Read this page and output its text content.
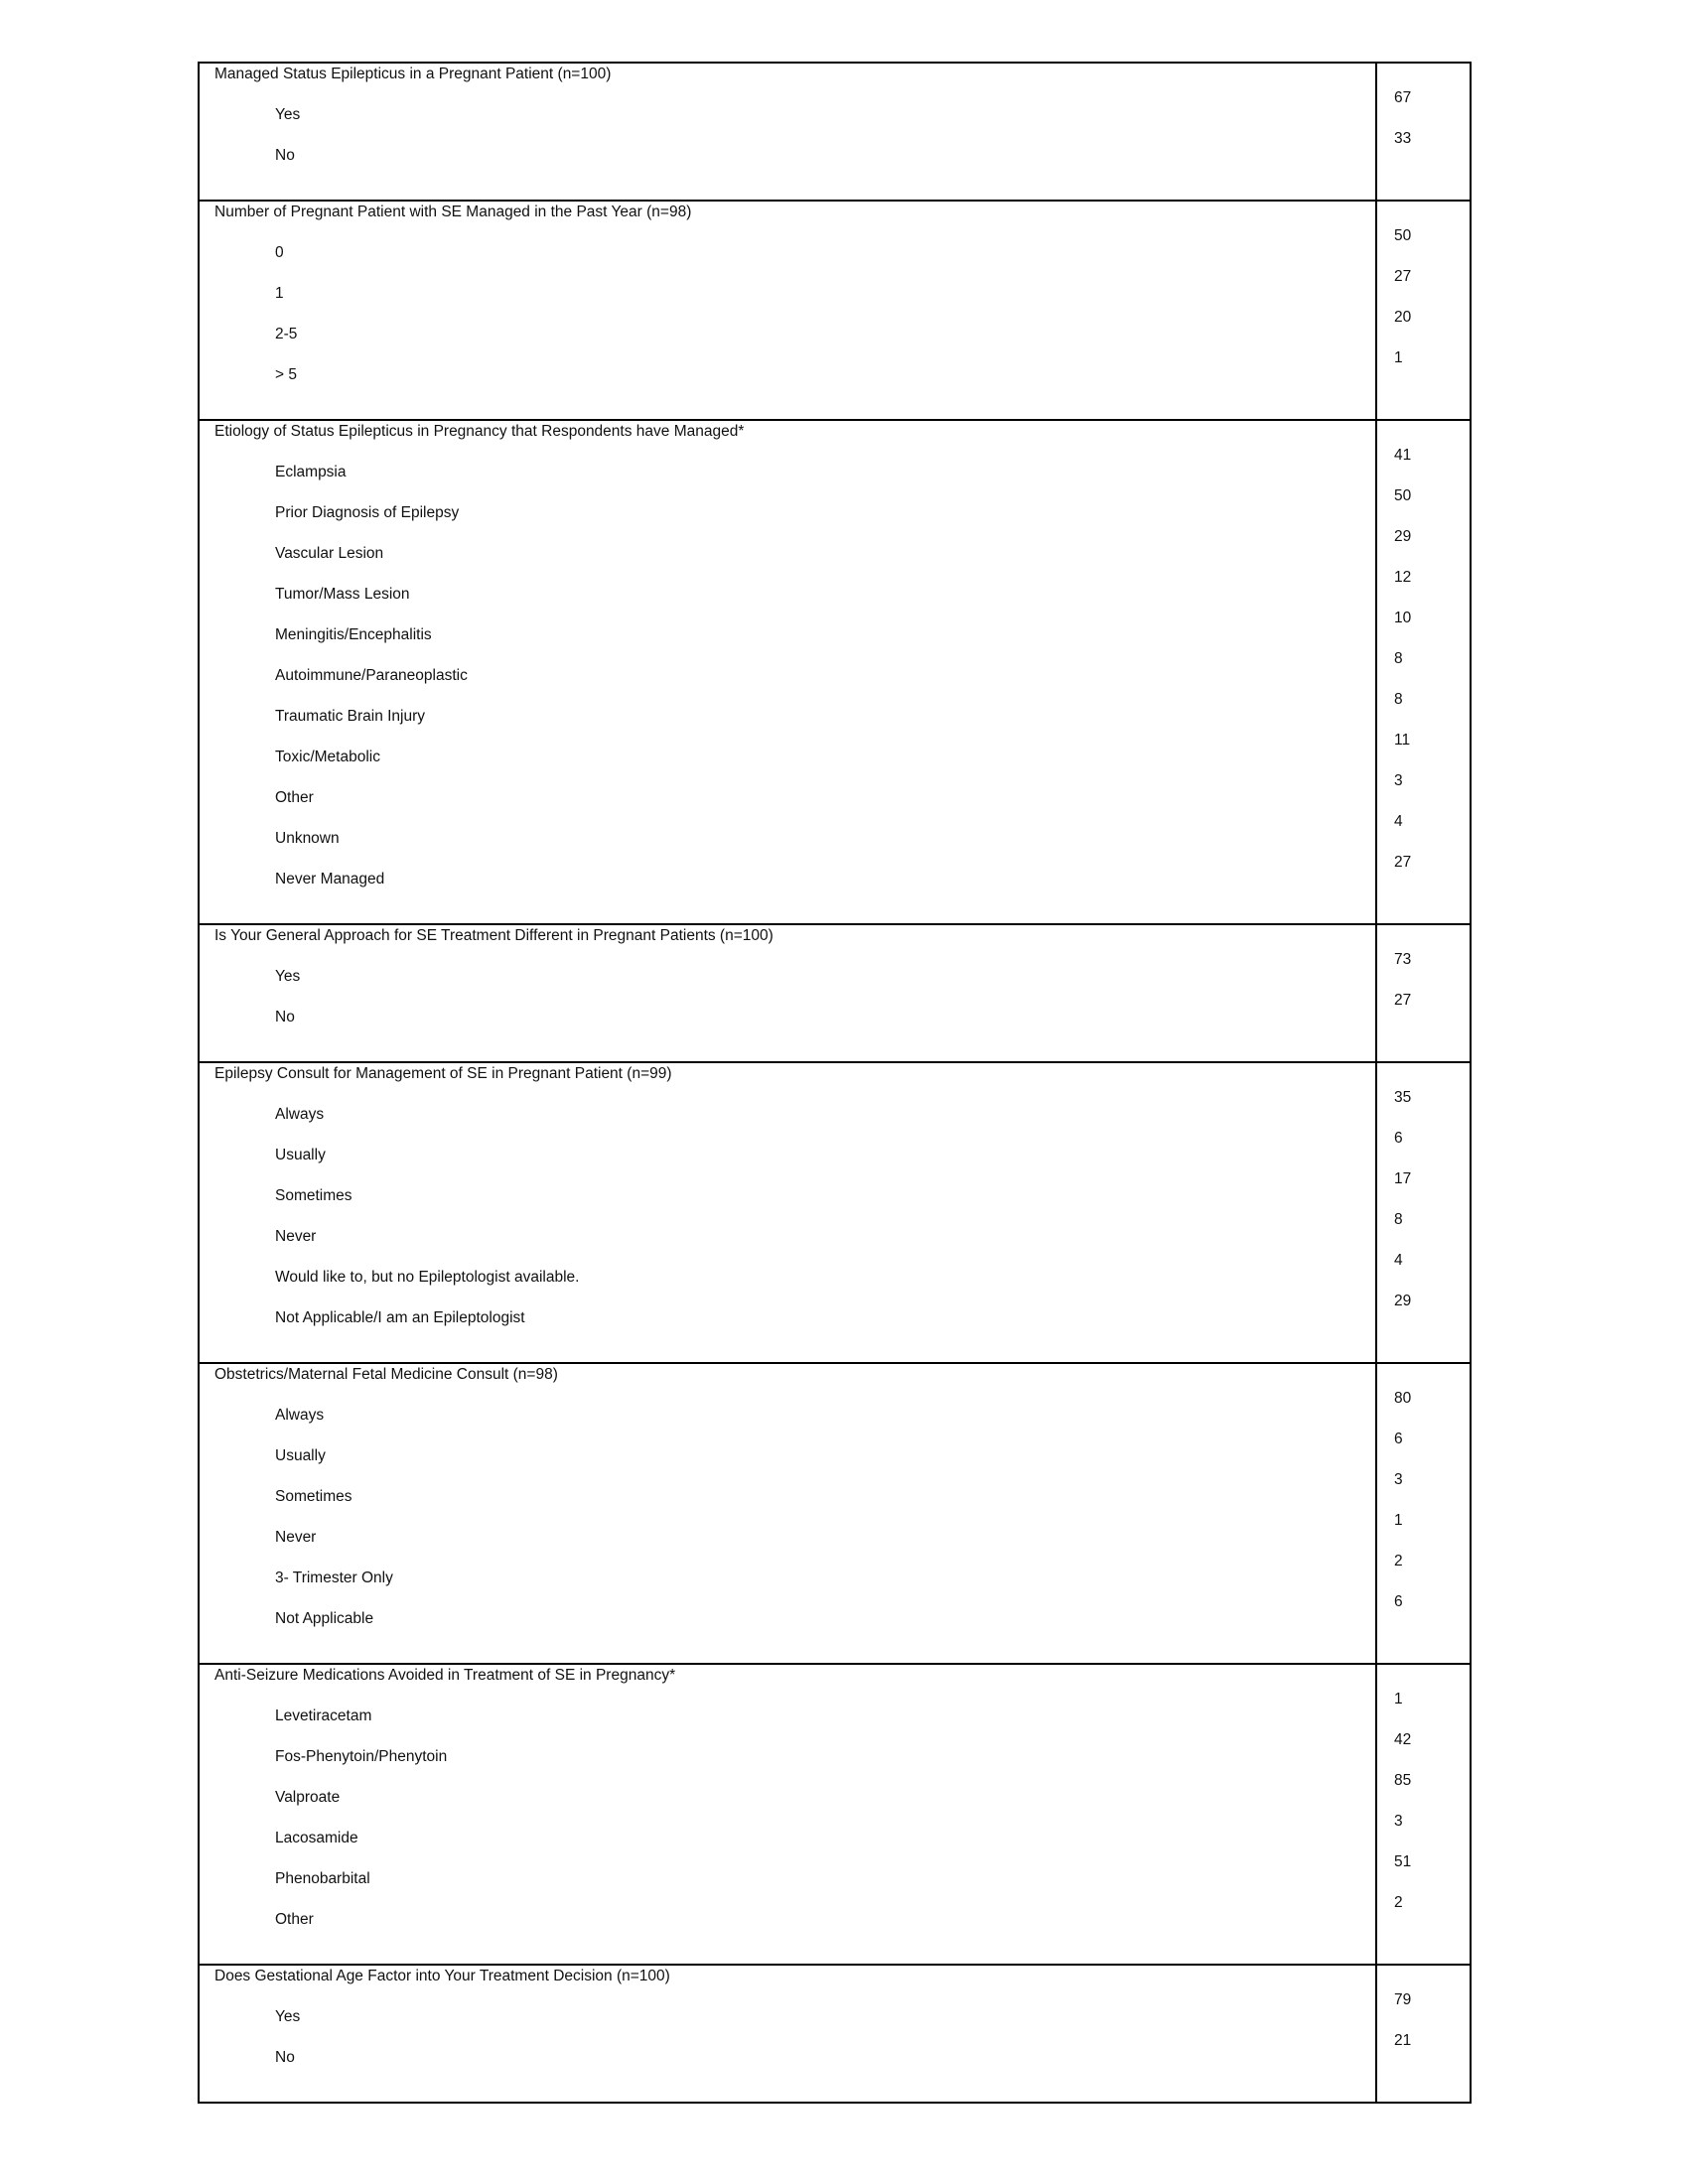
Managed Status Epilepticus in a Pregnant Patient (n=100)

Yes

No

67

33

Number of Pregnant Patient with SE Managed in the Past Year (n=98)

0

1

2-5

> 5

50

27

20

1

Etiology of Status Epilepticus in Pregnancy that Respondents have Managed*

Eclampsia

Prior Diagnosis of Epilepsy

Vascular Lesion

Tumor/Mass Lesion

Meningitis/Encephalitis

Autoimmune/Paraneoplastic

Traumatic Brain Injury

Toxic/Metabolic

Other

Unknown

Never Managed

41

50

29

12

10

8

8

11

3

4

27

Is Your General Approach for SE Treatment Different in Pregnant Patients (n=100)

Yes

No

73

27

Epilepsy Consult for Management of SE in Pregnant Patient (n=99)

Always

Usually

Sometimes

Never

Would like to, but no Epileptologist available.

Not Applicable/I am an Epileptologist

35

6

17

8

4

29

Obstetrics/Maternal Fetal Medicine Consult (n=98)

Always

Usually

Sometimes

Never

3- Trimester Only

Not Applicable

80

6

3

1

2

6

Anti-Seizure Medications Avoided in Treatment of SE in Pregnancy*

Levetiracetam

Fos-Phenytoin/Phenytoin

Valproate

Lacosamide

Phenobarbital

Other

1

42

85

3

51

2

Does Gestational Age Factor into Your Treatment Decision (n=100)

Yes

No

79

21
